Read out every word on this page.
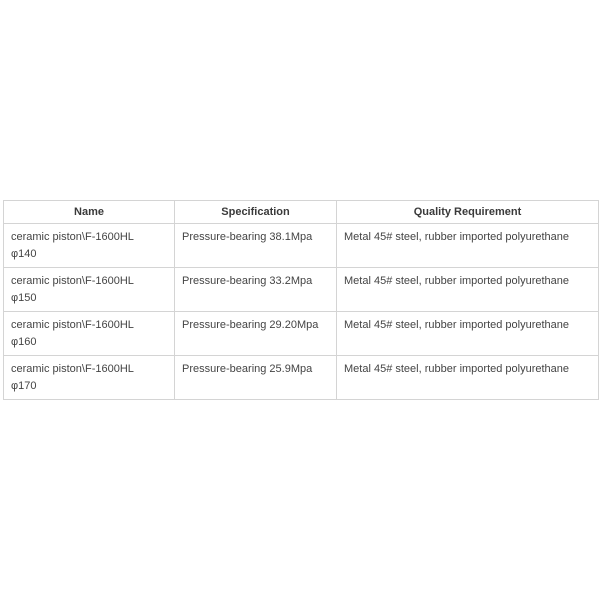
Name	Specification	Quality Requirement
ceramic piston\F-1600HL φ140	Pressure-bearing 38.1Mpa	Metal 45# steel, rubber imported polyurethane
ceramic piston\F-1600HL φ150	Pressure-bearing 33.2Mpa	Metal 45# steel, rubber imported polyurethane
ceramic piston\F-1600HL φ160	Pressure-bearing 29.20Mpa	Metal 45# steel, rubber imported polyurethane
ceramic piston\F-1600HL φ170	Pressure-bearing 25.9Mpa	Metal 45# steel, rubber imported polyurethane
